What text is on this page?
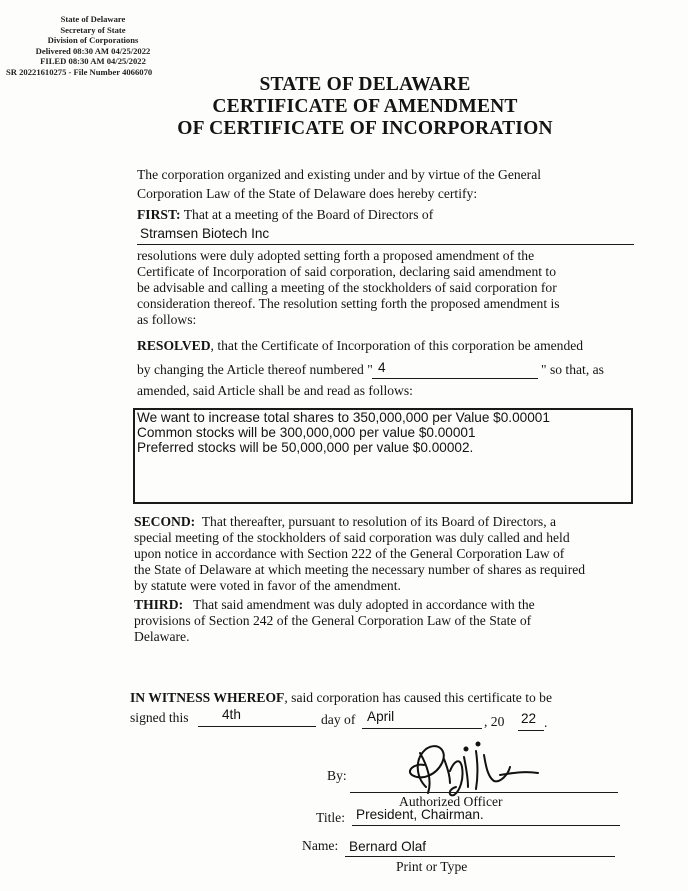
State of Delaware
Secretary of State
Division of Corporations
Delivered 08:30 AM 04/25/2022
FILED 08:30 AM 04/25/2022
SR 20221610275 - File Number 4066070
STATE OF DELAWARE
CERTIFICATE OF AMENDMENT
OF CERTIFICATE OF INCORPORATION
The corporation organized and existing under and by virtue of the General
Corporation Law of the State of Delaware does hereby certify:
FIRST: That at a meeting of the Board of Directors of
Stramsen Biotech Inc
resolutions were duly adopted setting forth a proposed amendment of the
Certificate of Incorporation of said corporation, declaring said amendment to
be advisable and calling a meeting of the stockholders of said corporation for
consideration thereof. The resolution setting forth the proposed amendment is
as follows:
RESOLVED, that the Certificate of Incorporation of this corporation be amended
by changing the Article thereof numbered " 4	" so that, as
amended, said Article shall be and read as follows:
We want to increase total shares to 350,000,000 per Value $0.00001
Common stocks will be 300,000,000 per value $0.00001
Preferred stocks will be 50,000,000 per value $0.00002.
SECOND: That thereafter, pursuant to resolution of its Board of Directors, a
special meeting of the stockholders of said corporation was duly called and held
upon notice in accordance with Section 222 of the General Corporation Law of
the State of Delaware at which meeting the necessary number of shares as required
by statute were voted in favor of the amendment.
THIRD: That said amendment was duly adopted in accordance with the
provisions of Section 242 of the General Corporation Law of the State of
Delaware.
IN WITNESS WHEREOF, said corporation has caused this certificate to be
signed this 4th	day of April	, 20 22 .
By:
Authorized Officer
Title: President, Chairman.
Name: Bernard Olaf
Print or Type
